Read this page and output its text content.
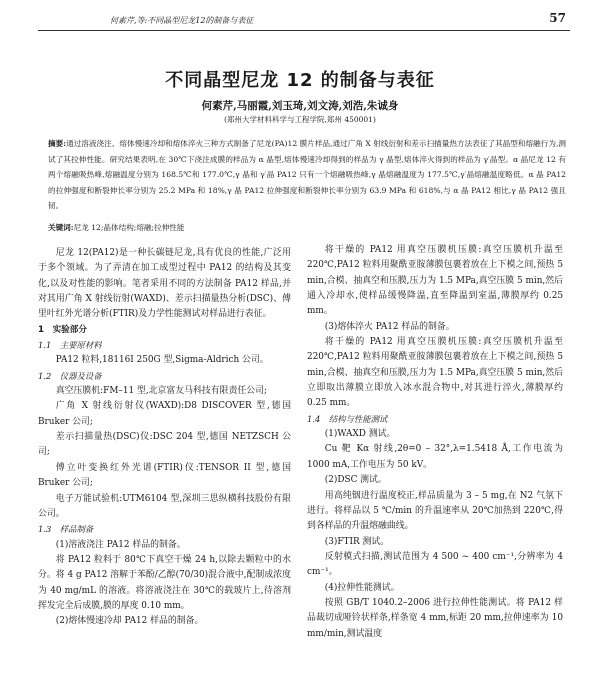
何素芹,等:不同晶型尼龙12的制备与表征	57
不同晶型尼龙 12 的制备与表征
何素芹,马丽霞,刘玉琦,刘文涛,刘浩,朱诚身
(郑州大学材料科学与工程学院,郑州 450001)
摘要:通过溶液浇注、熔体慢速冷却和熔体淬火三种方式制备了尼龙(PA)12 膜片样品,通过广角 X 射线衍射和差示扫描量热方法表征了其晶型和熔融行为,测试了其拉伸性能。研究结果表明,在 30℃下浇注成膜的样品为 α 晶型,熔体慢速冷却得到的样品为 γ 晶型,熔体淬火得到的样品为 γ′晶型。α 晶尼龙 12 有两个熔融吸热峰,熔融温度分别为 168.5℃和 177.0℃,γ 晶和 γ′晶 PA12 只有一个熔融吸热峰,γ 晶熔融温度为 177.5℃,γ′晶熔融温度略低。α 晶 PA12 的拉伸强度和断裂伸长率分别为 25.2 MPa 和 18%,γ 晶 PA12 拉伸强度和断裂伸长率分别为 63.9 MPa 和 618%,与 α 晶 PA12 相比,γ 晶 PA12 强且韧。
关键词:尼龙 12;晶体结构;熔融;拉伸性能

尼龙 12(PA12)是一种长碳链尼龙,具有优良的性能,广泛用于多个领域。为了弄清在加工成型过程中 PA12 的结构及其变化,以及对性能的影响。笔者采用不同的方法制备 PA12 样品,并对其用广角 X 射线衍射(WAXD)、差示扫描量热分析(DSC)、傅里叶红外光谱分析(FTIR)及力学性能测试对样品进行表征。

1　实验部分

1.1　主要原材料

PA12 粒料,18116I 250G 型,Sigma-Aldrich 公司。

1.2　仪器及设备

真空压膜机:FM–11 型,北京富友马科技有限责任公司;

广角 X 射线衍射仪(WAXD):D8 DISCOVER 型,德国 Bruker 公司;

差示扫描量热(DSC)仪:DSC 204 型,德国 NETZSCH 公司;

傅立叶变换红外光谱(FTIR)仪:TENSOR II 型,德国 Bruker 公司;

电子万能试验机:UTM6104 型,深圳三思纵横科技股份有限公司。

1.3　样品制备

(1)溶液浇注 PA12 样品的制备。

将 PA12 粒料于 80℃下真空干燥 24 h,以除去颗粒中的水分。将 4 g PA12 溶解于苯酚/乙醇(70/30)混合液中,配制成浓度为 40 mg/mL 的溶液。将溶液浇注在 30℃的载玻片上,待溶剂挥发完全后成膜,膜的厚度 0.10 mm。

(2)熔体慢速冷却 PA12 样品的制备。

将干燥的 PA12 用真空压膜机压膜:真空压膜机升温至 220℃,PA12 粒料用聚酰亚胺薄膜包裹着放在上下模之间,预热 5 min,合模、抽真空和压膜,压力为 1.5 MPa,真空压膜 5 min,然后通入冷却水,使样品缓慢降温,直至降温到室温,薄膜厚约 0.25 mm。

(3)熔体淬火 PA12 样品的制备。

将干燥的 PA12 用真空压膜机压膜:真空压膜机升温至 220℃,PA12 粒料用聚酰亚胺薄膜包裹着放在上下模之间,预热 5 min,合模、抽真空和压膜,压力为 1.5 MPa,真空压膜 5 min,然后立即取出薄膜立即放入冰水混合物中,对其进行淬火,薄膜厚约 0.25 mm。

1.4　结构与性能测试

(1)WAXD 测试。

Cu 靶 Kα 射线,2θ=0 – 32°,λ=1.5418 Å,工作电流为 1000 mA,工作电压为 50 kV。

(2)DSC 测试。

用高纯铟进行温度校正,样品质量为 3 – 5 mg,在 N2 气氛下进行。将样品以 5 ℃/min 的升温速率从 20℃加热到 220℃,得到各样品的升温熔融曲线。

(3)FTIR 测试。

反射模式扫描,测试范围为 4 500 ~ 400 cm⁻¹,分辨率为 4 cm⁻¹。

(4)拉伸性能测试。

按照 GB/T 1040.2–2006 进行拉伸性能测试。将 PA12 样品裁切成哑铃状样条,样条宽 4 mm,标距 20 mm,拉伸速率为 10 mm/min,测试温度
